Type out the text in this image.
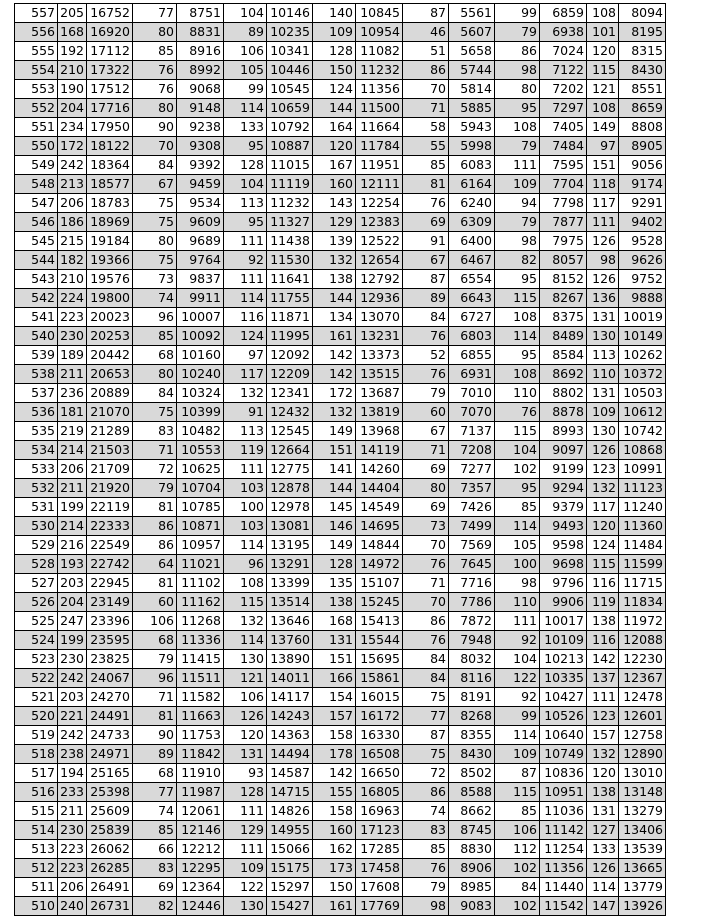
557	205	16752	77	8751	104	10146	140	10845	87	5561	99	6859	108	8094
556	168	16920	80	8831	89	10235	109	10954	46	5607	79	6938	101	8195
555	192	17112	85	8916	106	10341	128	11082	51	5658	86	7024	120	8315
554	210	17322	76	8992	105	10446	150	11232	86	5744	98	7122	115	8430
553	190	17512	76	9068	99	10545	124	11356	70	5814	80	7202	121	8551
552	204	17716	80	9148	114	10659	144	11500	71	5885	95	7297	108	8659
551	234	17950	90	9238	133	10792	164	11664	58	5943	108	7405	149	8808
550	172	18122	70	9308	95	10887	120	11784	55	5998	79	7484	97	8905
549	242	18364	84	9392	128	11015	167	11951	85	6083	111	7595	151	9056
548	213	18577	67	9459	104	11119	160	12111	81	6164	109	7704	118	9174
547	206	18783	75	9534	113	11232	143	12254	76	6240	94	7798	117	9291
546	186	18969	75	9609	95	11327	129	12383	69	6309	79	7877	111	9402
545	215	19184	80	9689	111	11438	139	12522	91	6400	98	7975	126	9528
544	182	19366	75	9764	92	11530	132	12654	67	6467	82	8057	98	9626
543	210	19576	73	9837	111	11641	138	12792	87	6554	95	8152	126	9752
542	224	19800	74	9911	114	11755	144	12936	89	6643	115	8267	136	9888
541	223	20023	96	10007	116	11871	134	13070	84	6727	108	8375	131	10019
540	230	20253	85	10092	124	11995	161	13231	76	6803	114	8489	130	10149
539	189	20442	68	10160	97	12092	142	13373	52	6855	95	8584	113	10262
538	211	20653	80	10240	117	12209	142	13515	76	6931	108	8692	110	10372
537	236	20889	84	10324	132	12341	172	13687	79	7010	110	8802	131	10503
536	181	21070	75	10399	91	12432	132	13819	60	7070	76	8878	109	10612
535	219	21289	83	10482	113	12545	149	13968	67	7137	115	8993	130	10742
534	214	21503	71	10553	119	12664	151	14119	71	7208	104	9097	126	10868
533	206	21709	72	10625	111	12775	141	14260	69	7277	102	9199	123	10991
532	211	21920	79	10704	103	12878	144	14404	80	7357	95	9294	132	11123
531	199	22119	81	10785	100	12978	145	14549	69	7426	85	9379	117	11240
530	214	22333	86	10871	103	13081	146	14695	73	7499	114	9493	120	11360
529	216	22549	86	10957	114	13195	149	14844	70	7569	105	9598	124	11484
528	193	22742	64	11021	96	13291	128	14972	76	7645	100	9698	115	11599
527	203	22945	81	11102	108	13399	135	15107	71	7716	98	9796	116	11715
526	204	23149	60	11162	115	13514	138	15245	70	7786	110	9906	119	11834
525	247	23396	106	11268	132	13646	168	15413	86	7872	111	10017	138	11972
524	199	23595	68	11336	114	13760	131	15544	76	7948	92	10109	116	12088
523	230	23825	79	11415	130	13890	151	15695	84	8032	104	10213	142	12230
522	242	24067	96	11511	121	14011	166	15861	84	8116	122	10335	137	12367
521	203	24270	71	11582	106	14117	154	16015	75	8191	92	10427	111	12478
520	221	24491	81	11663	126	14243	157	16172	77	8268	99	10526	123	12601
519	242	24733	90	11753	120	14363	158	16330	87	8355	114	10640	157	12758
518	238	24971	89	11842	131	14494	178	16508	75	8430	109	10749	132	12890
517	194	25165	68	11910	93	14587	142	16650	72	8502	87	10836	120	13010
516	233	25398	77	11987	128	14715	155	16805	86	8588	115	10951	138	13148
515	211	25609	74	12061	111	14826	158	16963	74	8662	85	11036	131	13279
514	230	25839	85	12146	129	14955	160	17123	83	8745	106	11142	127	13406
513	223	26062	66	12212	111	15066	162	17285	85	8830	112	11254	133	13539
512	223	26285	83	12295	109	15175	173	17458	76	8906	102	11356	126	13665
511	206	26491	69	12364	122	15297	150	17608	79	8985	84	11440	114	13779
510	240	26731	82	12446	130	15427	161	17769	98	9083	102	11542	147	13926
